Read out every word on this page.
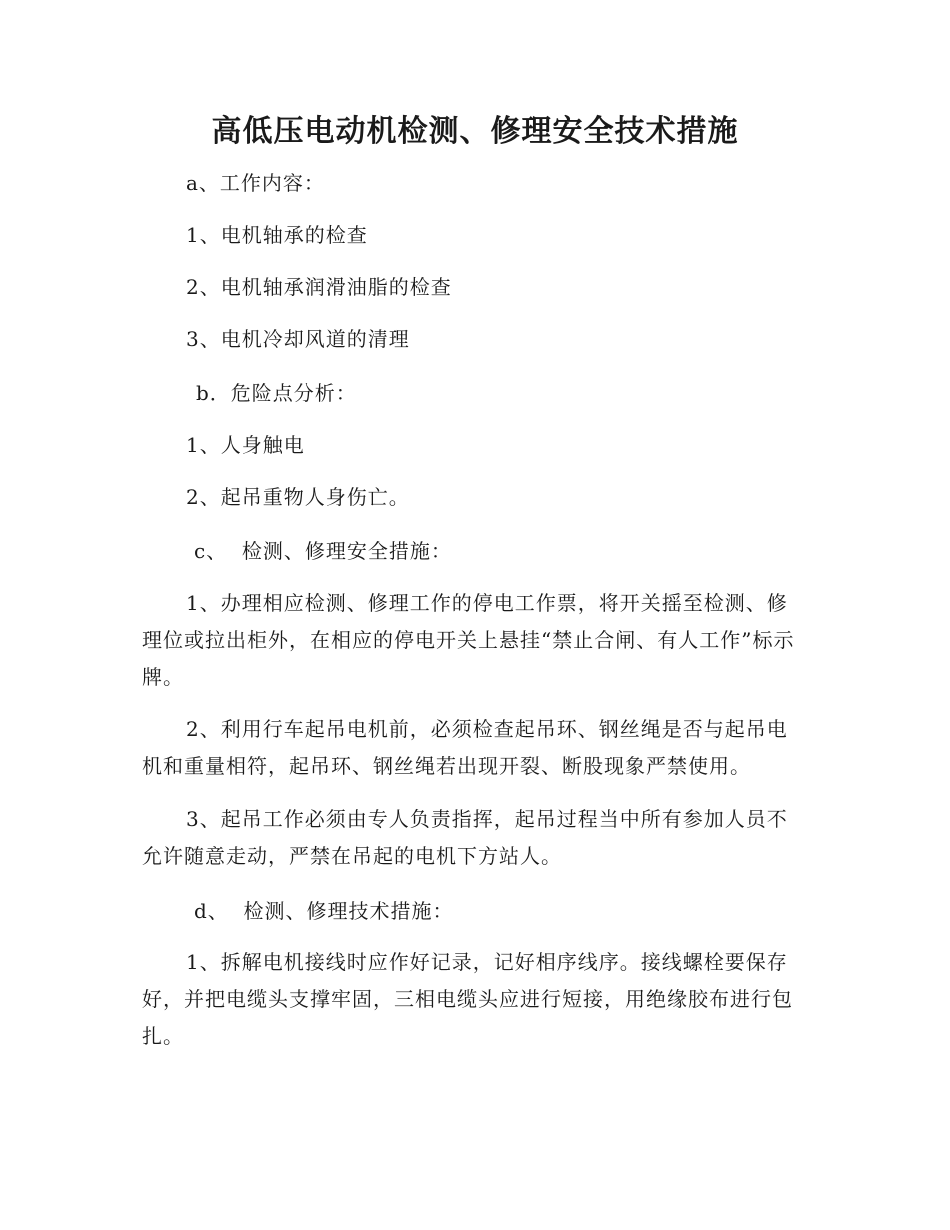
高低压电动机检测、修理安全技术措施
a、工作内容：
1、电机轴承的检查
2、电机轴承润滑油脂的检查
3、电机冷却风道的清理
b．危险点分析：
1、人身触电
2、起吊重物人身伤亡。
c、  检测、修理安全措施：
1、办理相应检测、修理工作的停电工作票，将开关摇至检测、修理位或拉出柜外，在相应的停电开关上悬挂“禁止合闸、有人工作”标示牌。
2、利用行车起吊电机前，必须检查起吊环、钢丝绳是否与起吊电机和重量相符，起吊环、钢丝绳若出现开裂、断股现象严禁使用。
3、起吊工作必须由专人负责指挥，起吊过程当中所有参加人员不允许随意走动，严禁在吊起的电机下方站人。
d、  检测、修理技术措施：
1、拆解电机接线时应作好记录，记好相序线序。接线螺栓要保存好，并把电缆头支撑牢固，三相电缆头应进行短接，用绝缘胶布进行包扎。
